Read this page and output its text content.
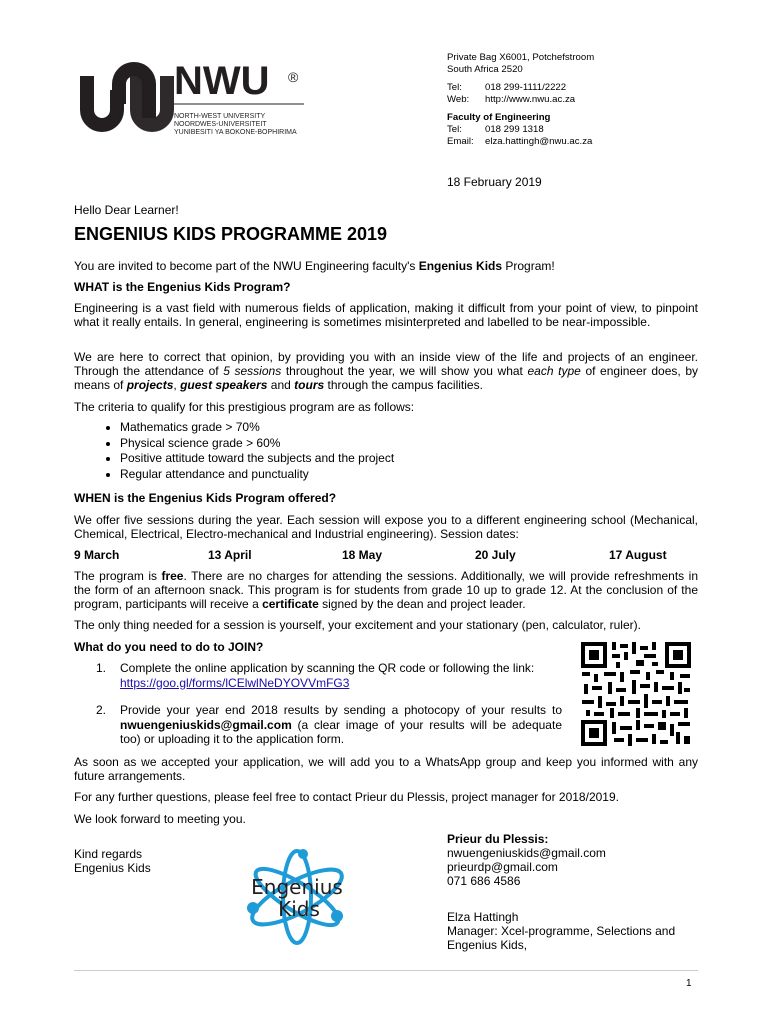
NWU ®
NORTH-WEST UNIVERSITY
NOORDWES-UNIVERSITEIT
YUNIBESITI YA BOKONE-BOPHIRIMA
Private Bag X6001, Potchefstroom
South Africa 2520
Tel: 018 299-1111/2222
Web: http://www.nwu.ac.za
Faculty of Engineering
Tel: 018 299 1318
Email: elza.hattingh@nwu.ac.za
18 February 2019
Hello Dear Learner!
ENGENIUS KIDS PROGRAMME 2019
You are invited to become part of the NWU Engineering faculty's Engenius Kids Program!
WHAT is the Engenius Kids Program?
Engineering is a vast field with numerous fields of application, making it difficult from your point of view, to pinpoint what it really entails. In general, engineering is sometimes misinterpreted and labelled to be near-impossible.
We are here to correct that opinion, by providing you with an inside view of the life and projects of an engineer. Through the attendance of 5 sessions throughout the year, we will show you what each type of engineer does, by means of projects, guest speakers and tours through the campus facilities.
The criteria to qualify for this prestigious program are as follows:
• Mathematics grade > 70%
• Physical science grade > 60%
• Positive attitude toward the subjects and the project
• Regular attendance and punctuality
WHEN is the Engenius Kids Program offered?
We offer five sessions during the year. Each session will expose you to a different engineering school (Mechanical, Chemical, Electrical, Electro-mechanical and Industrial engineering). Session dates:
9 March	13 April	18 May	20 July	17 August
The program is free. There are no charges for attending the sessions. Additionally, we will provide refreshments in the form of an afternoon snack. This program is for students from grade 10 up to grade 12. At the conclusion of the program, participants will receive a certificate signed by the dean and project leader.
The only thing needed for a session is yourself, your excitement and your stationary (pen, calculator, ruler).
What do you need to do to JOIN?
1. Complete the online application by scanning the QR code or following the link:
https://goo.gl/forms/lCElwlNeDYOVVmFG3
2. Provide your year end 2018 results by sending a photocopy of your results to nwuengeniuskids@gmail.com (a clear image of your results will be adequate too) or uploading it to the application form.
As soon as we accepted your application, we will add you to a WhatsApp group and keep you informed with any future arrangements.
For any further questions, please feel free to contact Prieur du Plessis, project manager for 2018/2019.
We look forward to meeting you.
Kind regards
Engenius Kids
Engenius
Kids
Prieur du Plessis:
nwuengeniuskids@gmail.com
prieurdp@gmail.com
071 686 4586
Elza Hattingh
Manager: Xcel-programme, Selections and Engenius Kids,
1
